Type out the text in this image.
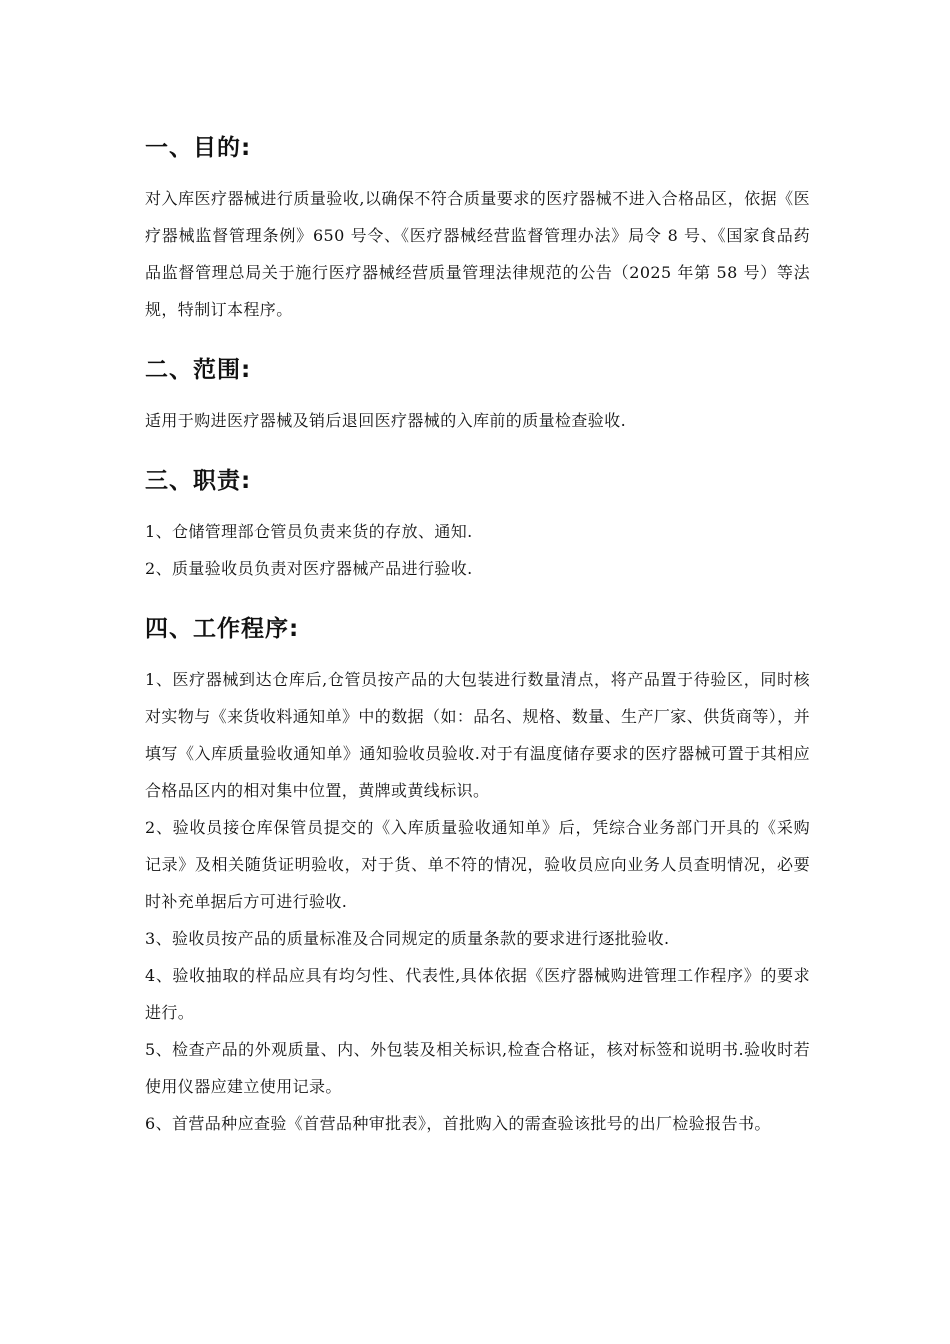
一、目的:

对入库医疗器械进行质量验收,以确保不符合质量要求的医疗器械不进入合格品区，依据《医疗器械监督管理条例》650 号令、《医疗器械经营监督管理办法》局令 8 号、《国家食品药品监督管理总局关于施行医疗器械经营质量管理法律规范的公告（2025 年第 58 号）等法规，特制订本程序。

二、范围:

适用于购进医疗器械及销后退回医疗器械的入库前的质量检查验收.

三、职责:

1、仓储管理部仓管员负责来货的存放、通知.

2、质量验收员负责对医疗器械产品进行验收.

四、工作程序:

1、医疗器械到达仓库后,仓管员按产品的大包装进行数量清点，将产品置于待验区，同时核对实物与《来货收料通知单》中的数据（如：品名、规格、数量、生产厂家、供货商等），并填写《入库质量验收通知单》通知验收员验收.对于有温度储存要求的医疗器械可置于其相应合格品区内的相对集中位置，黄牌或黄线标识。

2、验收员接仓库保管员提交的《入库质量验收通知单》后，凭综合业务部门开具的《采购记录》及相关随货证明验收，对于货、单不符的情况，验收员应向业务人员查明情况，必要时补充单据后方可进行验收.

3、验收员按产品的质量标准及合同规定的质量条款的要求进行逐批验收.

4、验收抽取的样品应具有均匀性、代表性,具体依据《医疗器械购进管理工作程序》的要求进行。

5、检查产品的外观质量、内、外包装及相关标识,检查合格证，核对标签和说明书.验收时若使用仪器应建立使用记录。

6、首营品种应查验《首营品种审批表》，首批购入的需查验该批号的出厂检验报告书。
